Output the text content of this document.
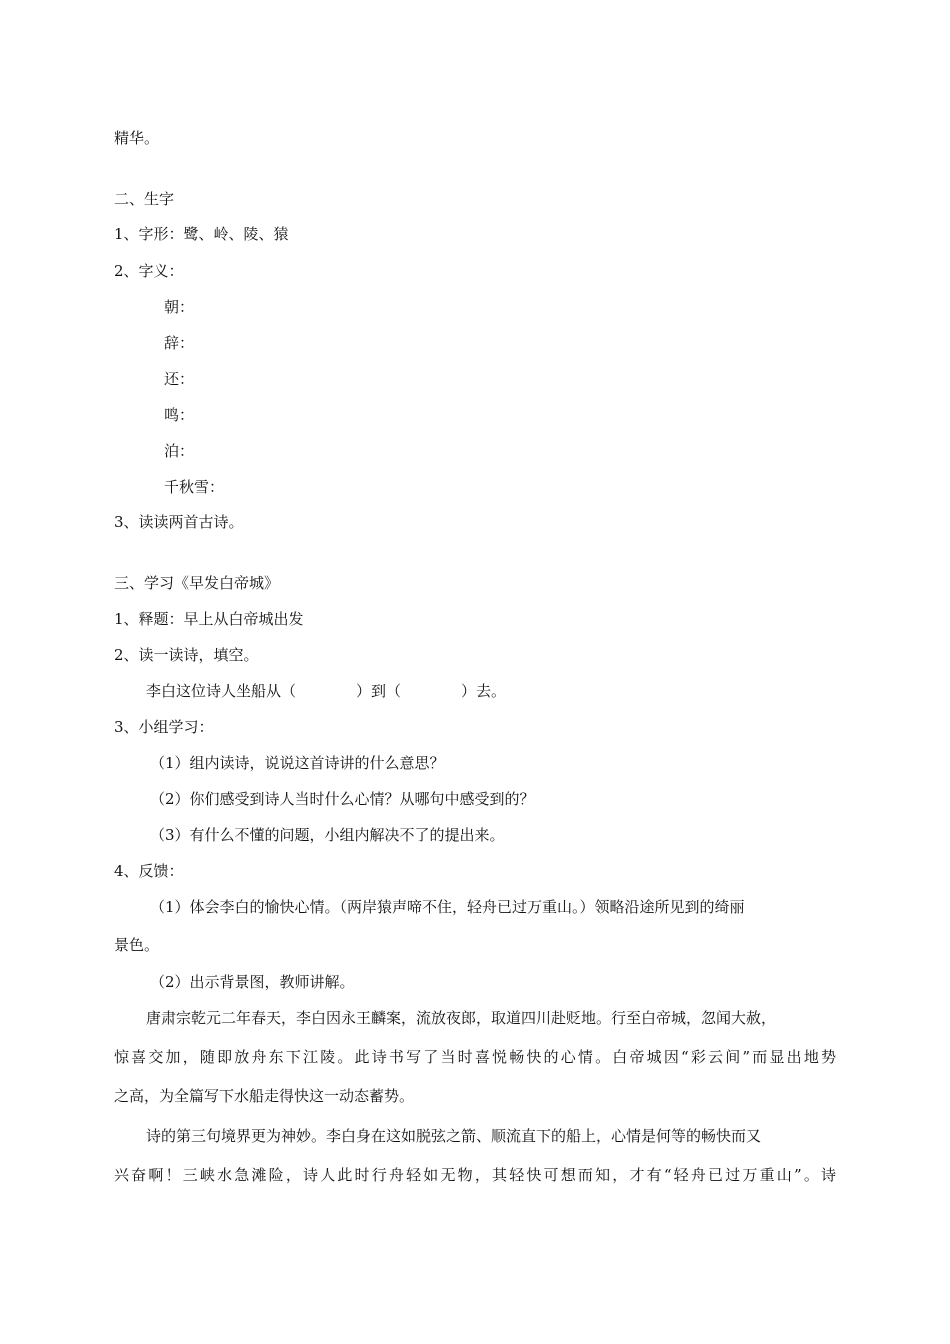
精华。
二、生字
1、字形：鹭、岭、陵、猿
2、字义：
朝：
辞：
还：
鸣：
泊：
千秋雪：
3、读读两首古诗。
三、学习《早发白帝城》
1、释题：早上从白帝城出发
2、读一读诗，填空。
李白这位诗人坐船从（　　　　）到（　　　　）去。
3、小组学习：
（1）组内读诗，说说这首诗讲的什么意思？
（2）你们感受到诗人当时什么心情？从哪句中感受到的？
（3）有什么不懂的问题，小组内解决不了的提出来。
4、反馈：
（1）体会李白的愉快心情。（两岸猿声啼不住，轻舟已过万重山。）领略沿途所见到的绮丽
景色。
（2）出示背景图，教师讲解。
唐肃宗乾元二年春天，李白因永王麟案，流放夜郎，取道四川赴贬地。行至白帝城，忽闻大赦，
惊喜交加，随即放舟东下江陵。此诗书写了当时喜悦畅快的心情。白帝城因“彩云间”而显出地势
之高，为全篇写下水船走得快这一动态蓄势。
诗的第三句境界更为神妙。李白身在这如脱弦之箭、顺流直下的船上，心情是何等的畅快而又
兴奋啊！三峡水急滩险，诗人此时行舟轻如无物，其轻快可想而知，才有“轻舟已过万重山”。诗
